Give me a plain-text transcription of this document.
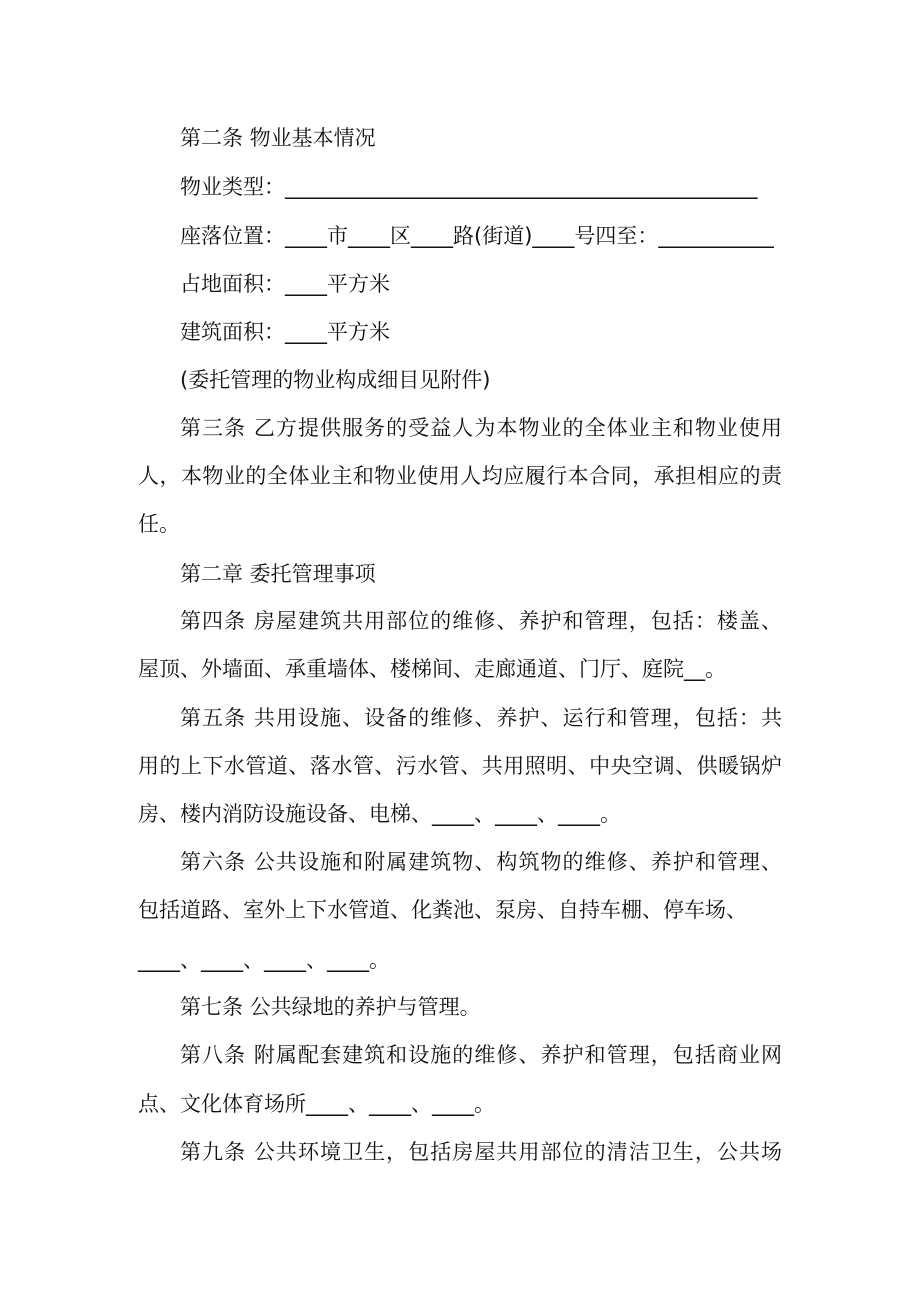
第二条 物业基本情况
物业类型：_____________________________________________
座落位置：____市____区____路(街道)____号四至：___________
占地面积：____平方米
建筑面积：____平方米
(委托管理的物业构成细目见附件)
第三条 乙方提供服务的受益人为本物业的全体业主和物业使用
人，本物业的全体业主和物业使用人均应履行本合同，承担相应的责
任。
第二章 委托管理事项
第四条 房屋建筑共用部位的维修、养护和管理，包括：楼盖、
屋顶、外墙面、承重墙体、楼梯间、走廊通道、门厅、庭院__。
第五条 共用设施、设备的维修、养护、运行和管理，包括：共
用的上下水管道、落水管、污水管、共用照明、中央空调、供暖锅炉
房、楼内消防设施设备、电梯、____、____、____。
第六条 公共设施和附属建筑物、构筑物的维修、养护和管理、
包括道路、室外上下水管道、化粪池、泵房、自持车棚、停车场、
____、____、____、____。
第七条 公共绿地的养护与管理。
第八条 附属配套建筑和设施的维修、养护和管理，包括商业网
点、文化体育场所____、____、____。
第九条 公共环境卫生，包括房屋共用部位的清洁卫生，公共场
